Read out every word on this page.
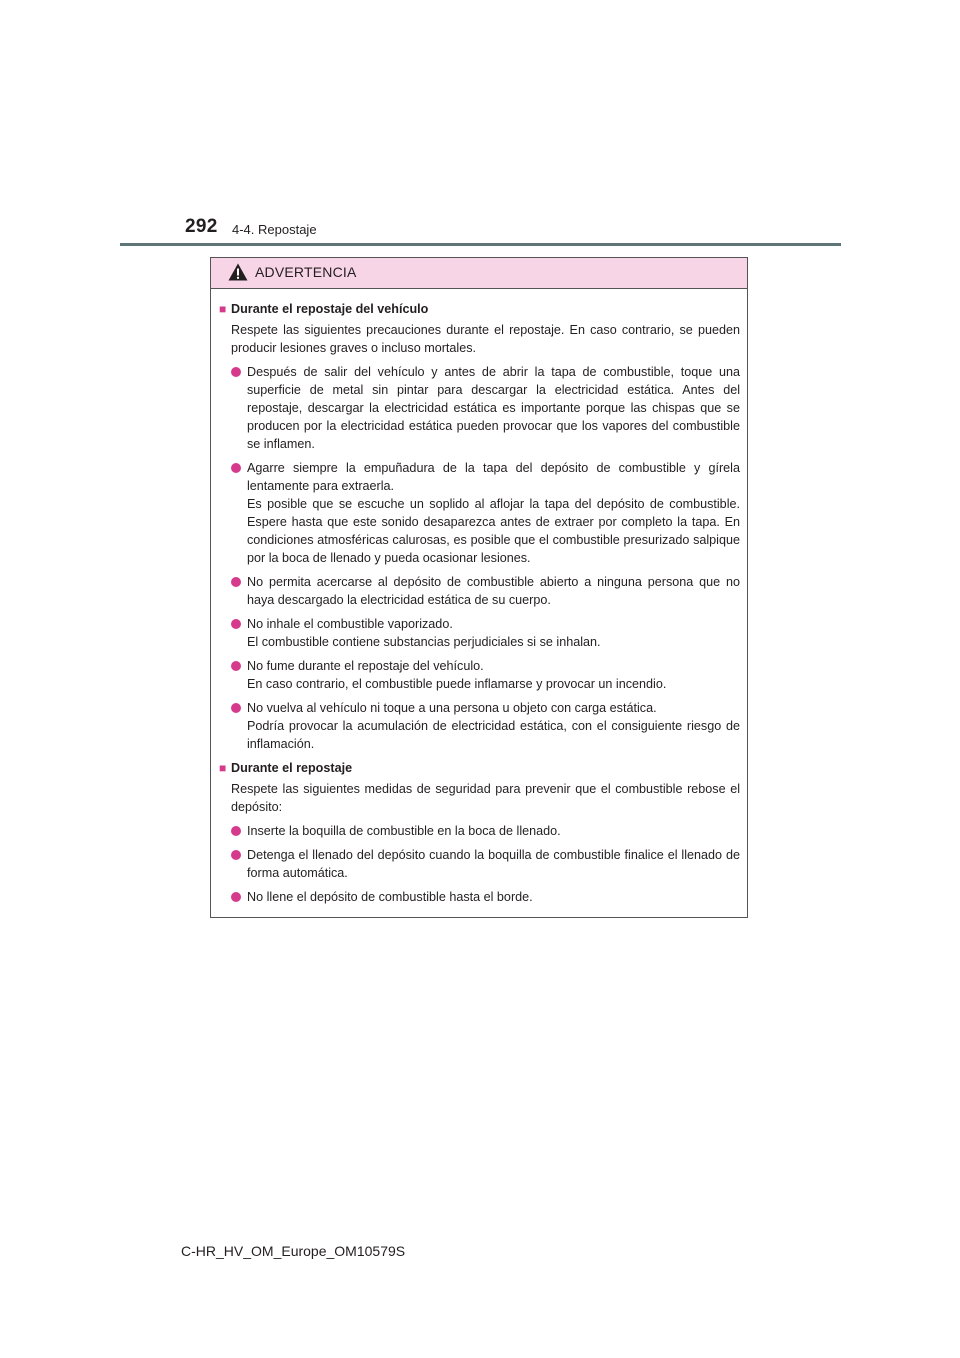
292 4-4. Repostaje
ADVERTENCIA
■ Durante el repostaje del vehículo
Respete las siguientes precauciones durante el repostaje. En caso contrario, se pueden producir lesiones graves o incluso mortales.
Después de salir del vehículo y antes de abrir la tapa de combustible, toque una superficie de metal sin pintar para descargar la electricidad estática. Antes del repostaje, descargar la electricidad estática es importante porque las chispas que se producen por la electricidad estática pueden provocar que los vapores del combustible se inflamen.
Agarre siempre la empuñadura de la tapa del depósito de combustible y gírela lentamente para extraerla.
Es posible que se escuche un soplido al aflojar la tapa del depósito de combustible. Espere hasta que este sonido desaparezca antes de extraer por completo la tapa. En condiciones atmosféricas calurosas, es posible que el combustible presurizado salpique por la boca de llenado y pueda ocasionar lesiones.
No permita acercarse al depósito de combustible abierto a ninguna persona que no haya descargado la electricidad estática de su cuerpo.
No inhale el combustible vaporizado.
El combustible contiene substancias perjudiciales si se inhalan.
No fume durante el repostaje del vehículo.
En caso contrario, el combustible puede inflamarse y provocar un incendio.
No vuelva al vehículo ni toque a una persona u objeto con carga estática.
Podría provocar la acumulación de electricidad estática, con el consiguiente riesgo de inflamación.
■ Durante el repostaje
Respete las siguientes medidas de seguridad para prevenir que el combustible rebose el depósito:
Inserte la boquilla de combustible en la boca de llenado.
Detenga el llenado del depósito cuando la boquilla de combustible finalice el llenado de forma automática.
No llene el depósito de combustible hasta el borde.
C-HR_HV_OM_Europe_OM10579S
